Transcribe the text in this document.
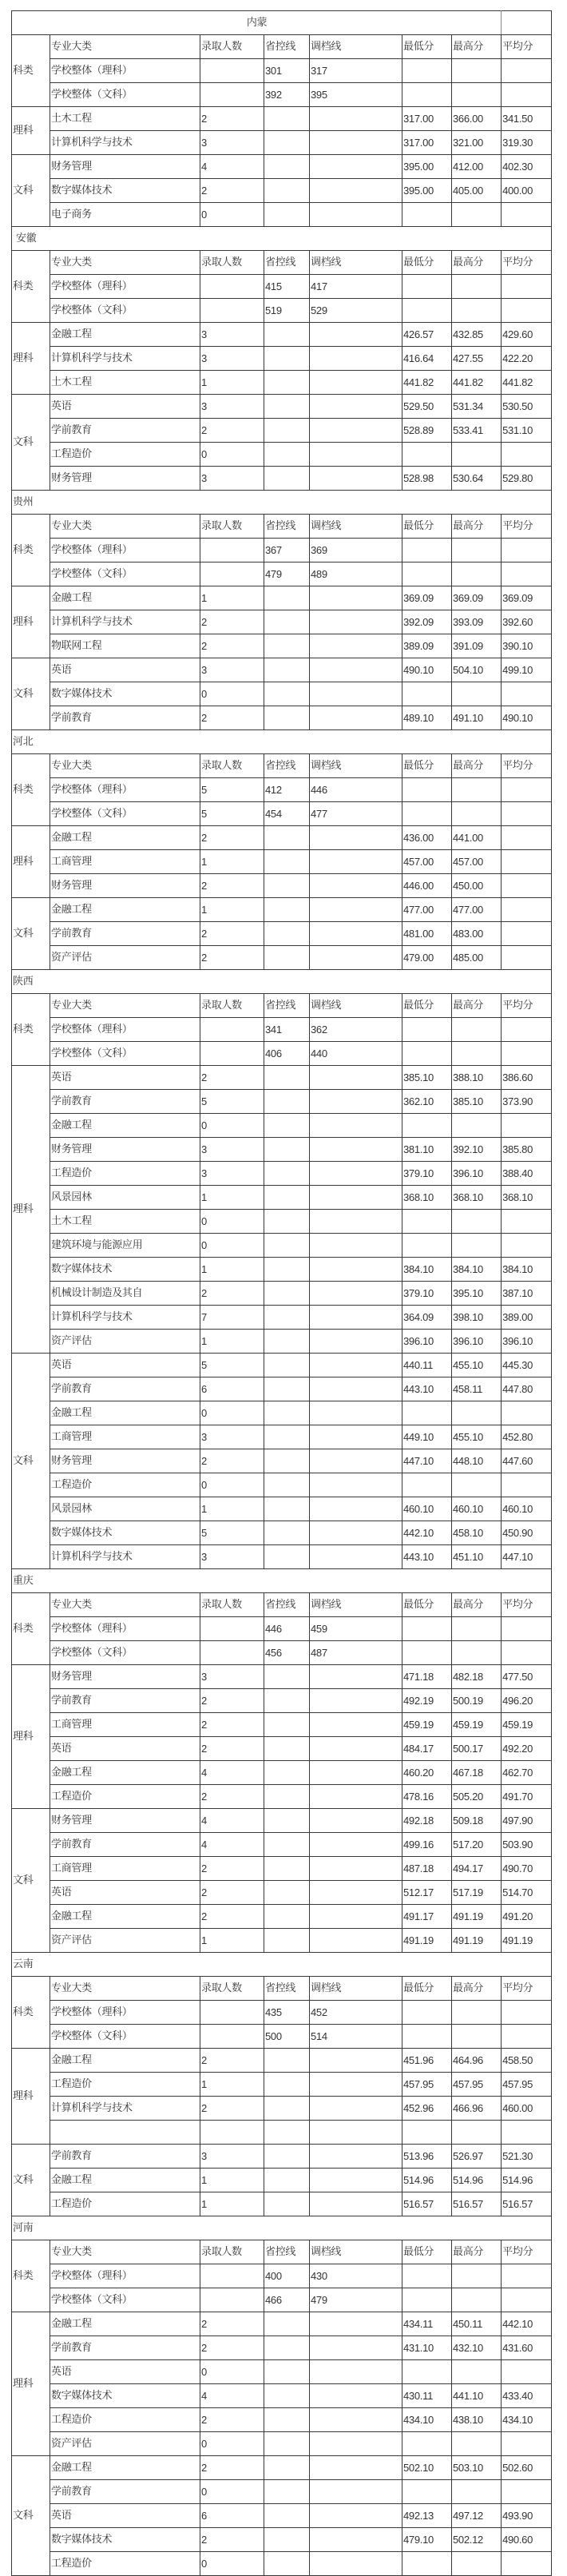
内蒙							
科类	专业大类	录取人数	省控线	调档线	最低分	最高分	平均分
	学校整体（理科）		301	317			
	学校整体（文科）		392	395			
理科	土木工程	2			317.00	366.00	341.50
	计算机科学与技术	3			317.00	321.00	319.30
文科	财务管理	4			395.00	412.00	402.30
	数字媒体技术	2			395.00	405.00	400.00
	电子商务	0					
安徽							
科类	专业大类	录取人数	省控线	调档线	最低分	最高分	平均分
	学校整体（理科）		415	417			
	学校整体（文科）		519	529			
理科	金融工程	3			426.57	432.85	429.60
	计算机科学与技术	3			416.64	427.55	422.20
	土木工程	1			441.82	441.82	441.82
文科	英语	3			529.50	531.34	530.50
	学前教育	2			528.89	533.41	531.10
	工程造价	0					
	财务管理	3			528.98	530.64	529.80
贵州							
科类	专业大类	录取人数	省控线	调档线	最低分	最高分	平均分
	学校整体（理科）		367	369			
	学校整体（文科）		479	489			
理科	金融工程	1			369.09	369.09	369.09
	计算机科学与技术	2			392.09	393.09	392.60
	物联网工程	2			389.09	391.09	390.10
文科	英语	3			490.10	504.10	499.10
	数字媒体技术	0					
	学前教育	2			489.10	491.10	490.10
河北							
科类	专业大类	录取人数	省控线	调档线	最低分	最高分	平均分
	学校整体（理科）	5	412	446			
	学校整体（文科）	5	454	477			
理科	金融工程	2			436.00	441.00	
	工商管理	1			457.00	457.00	
	财务管理	2			446.00	450.00	
文科	金融工程	1			477.00	477.00	
	学前教育	2			481.00	483.00	
	资产评估	2			479.00	485.00	
陕西							
科类	专业大类	录取人数	省控线	调档线	最低分	最高分	平均分
	学校整体（理科）		341	362			
	学校整体（文科）		406	440			
理科	英语	2			385.10	388.10	386.60
	学前教育	5			362.10	385.10	373.90
	金融工程	0					
	财务管理	3			381.10	392.10	385.80
	工程造价	3			379.10	396.10	388.40
	风景园林	1			368.10	368.10	368.10
	土木工程	0					
	建筑环境与能源应用	0					
	数字媒体技术	1			384.10	384.10	384.10
	机械设计制造及其自	2			379.10	395.10	387.10
	计算机科学与技术	7			364.09	398.10	389.00
	资产评估	1			396.10	396.10	396.10
文科	英语	5			440.11	455.10	445.30
	学前教育	6			443.10	458.11	447.80
	金融工程	0					
	工商管理	3			449.10	455.10	452.80
	财务管理	2			447.10	448.10	447.60
	工程造价	0					
	风景园林	1			460.10	460.10	460.10
	数字媒体技术	5			442.10	458.10	450.90
	计算机科学与技术	3			443.10	451.10	447.10
重庆							
科类	专业大类	录取人数	省控线	调档线	最低分	最高分	平均分
	学校整体（理科）		446	459			
	学校整体（文科）		456	487			
理科	财务管理	3			471.18	482.18	477.50
	学前教育	2			492.19	500.19	496.20
	工商管理	2			459.19	459.19	459.19
	英语	2			484.17	500.17	492.20
	金融工程	4			460.20	467.18	462.70
	工程造价	2			478.16	505.20	491.70
文科	财务管理	4			492.18	509.18	497.90
	学前教育	4			499.16	517.20	503.90
	工商管理	2			487.18	494.17	490.70
	英语	2			512.17	517.19	514.70
	金融工程	2			491.17	491.19	491.20
	资产评估	1			491.19	491.19	491.19
云南							
科类	专业大类	录取人数	省控线	调档线	最低分	最高分	平均分
	学校整体（理科）		435	452			
	学校整体（文科）		500	514			
理科	金融工程	2			451.96	464.96	458.50
	工程造价	1			457.95	457.95	457.95
	计算机科学与技术	2			452.96	466.96	460.00

文科	学前教育	3			513.96	526.97	521.30
	金融工程	1			514.96	514.96	514.96
	工程造价	1			516.57	516.57	516.57
河南							
科类	专业大类	录取人数	省控线	调档线	最低分	最高分	平均分
	学校整体（理科）		400	430			
	学校整体（文科）		466	479			
理科	金融工程	2			434.11	450.11	442.10
	学前教育	2			431.10	432.10	431.60
	英语	0					
	数字媒体技术	4			430.11	441.10	433.40
	工程造价	2			434.10	438.10	434.10
	资产评估	0					
文科	金融工程	2			502.10	503.10	502.60
	学前教育	0					
	英语	6			492.13	497.12	493.90
	数字媒体技术	2			479.10	502.12	490.60
	工程造价	0					
